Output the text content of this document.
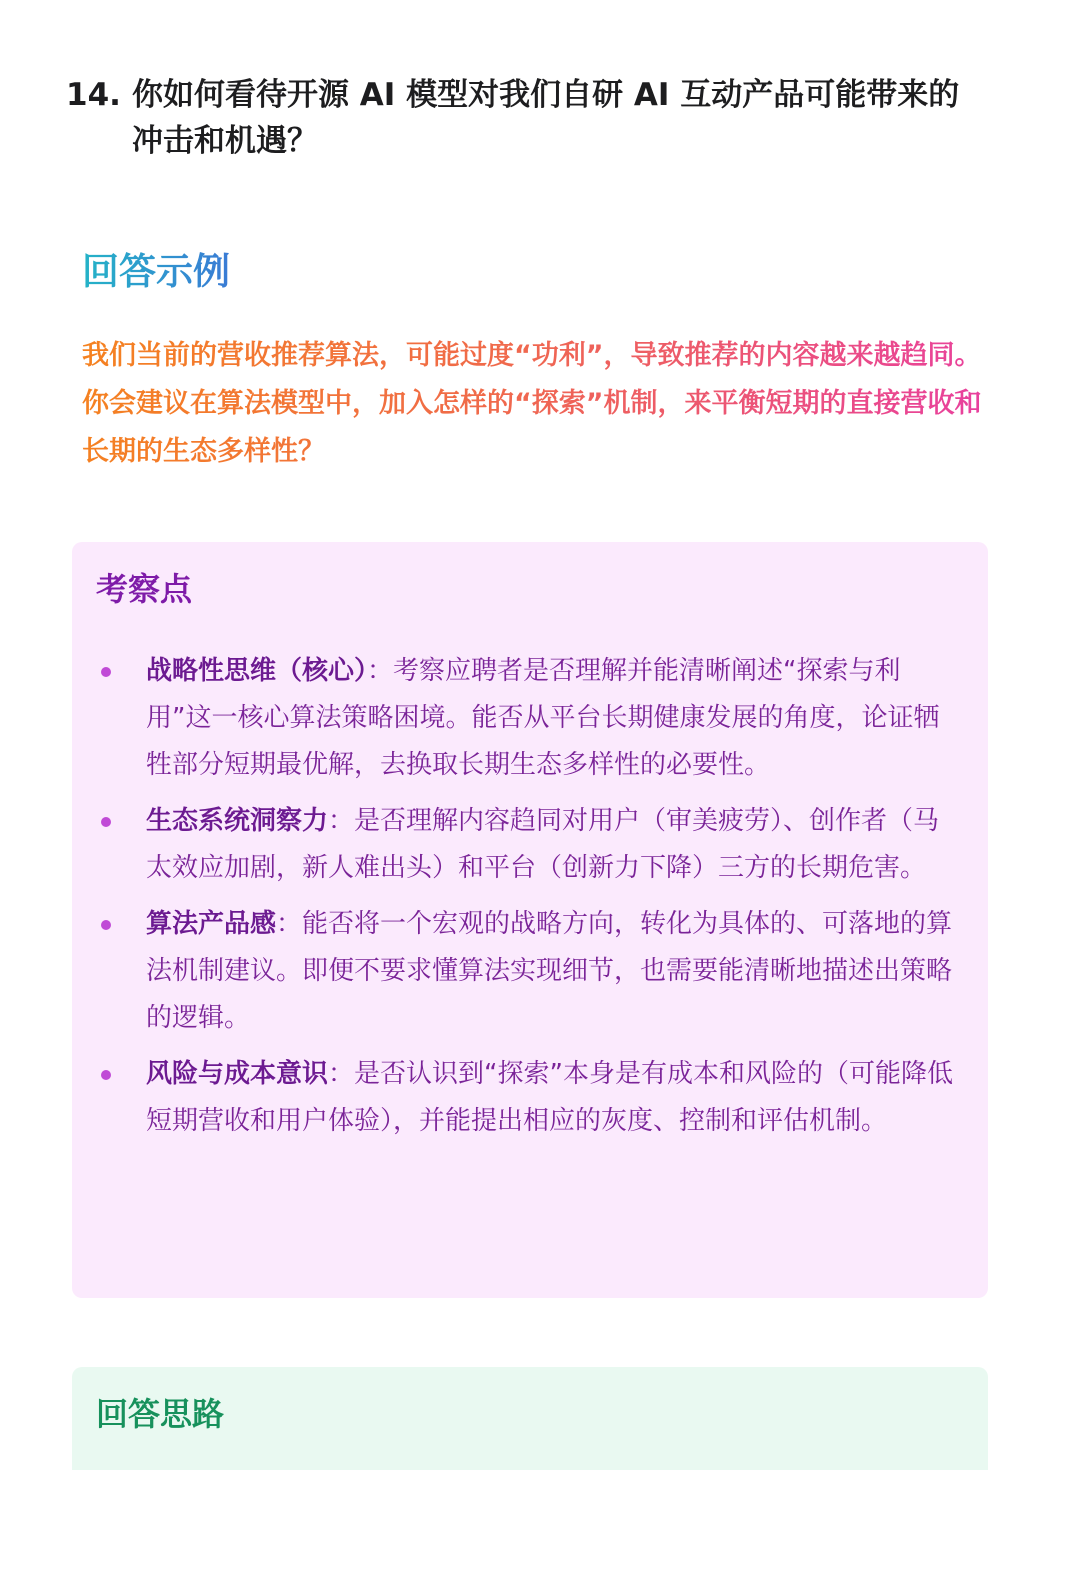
14. 你如何看待开源 AI 模型对我们自研 AI 互动产品可能带来的冲击和机遇？
回答示例
我们当前的营收推荐算法，可能过度“功利”，导致推荐的内容越来越趋同。你会建议在算法模型中，加入怎样的“探索”机制，来平衡短期的直接营收和长期的生态多样性？
考察点
战略性思维（核心）：考察应聘者是否理解并能清晰阐述“探索与利用”这一核心算法策略困境。能否从平台长期健康发展的角度，论证牺牲部分短期最优解，去换取长期生态多样性的必要性。
生态系统洞察力：是否理解内容趋同对用户（审美疲劳）、创作者（马太效应加剧，新人难出头）和平台（创新力下降）三方的长期危害。
算法产品感：能否将一个宏观的战略方向，转化为具体的、可落地的算法机制建议。即便不要求懂算法实现细节，也需要能清晰地描述出策略的逻辑。
风险与成本意识：是否认识到“探索”本身是有成本和风险的（可能降低短期营收和用户体验），并能提出相应的灰度、控制和评估机制。
回答思路
